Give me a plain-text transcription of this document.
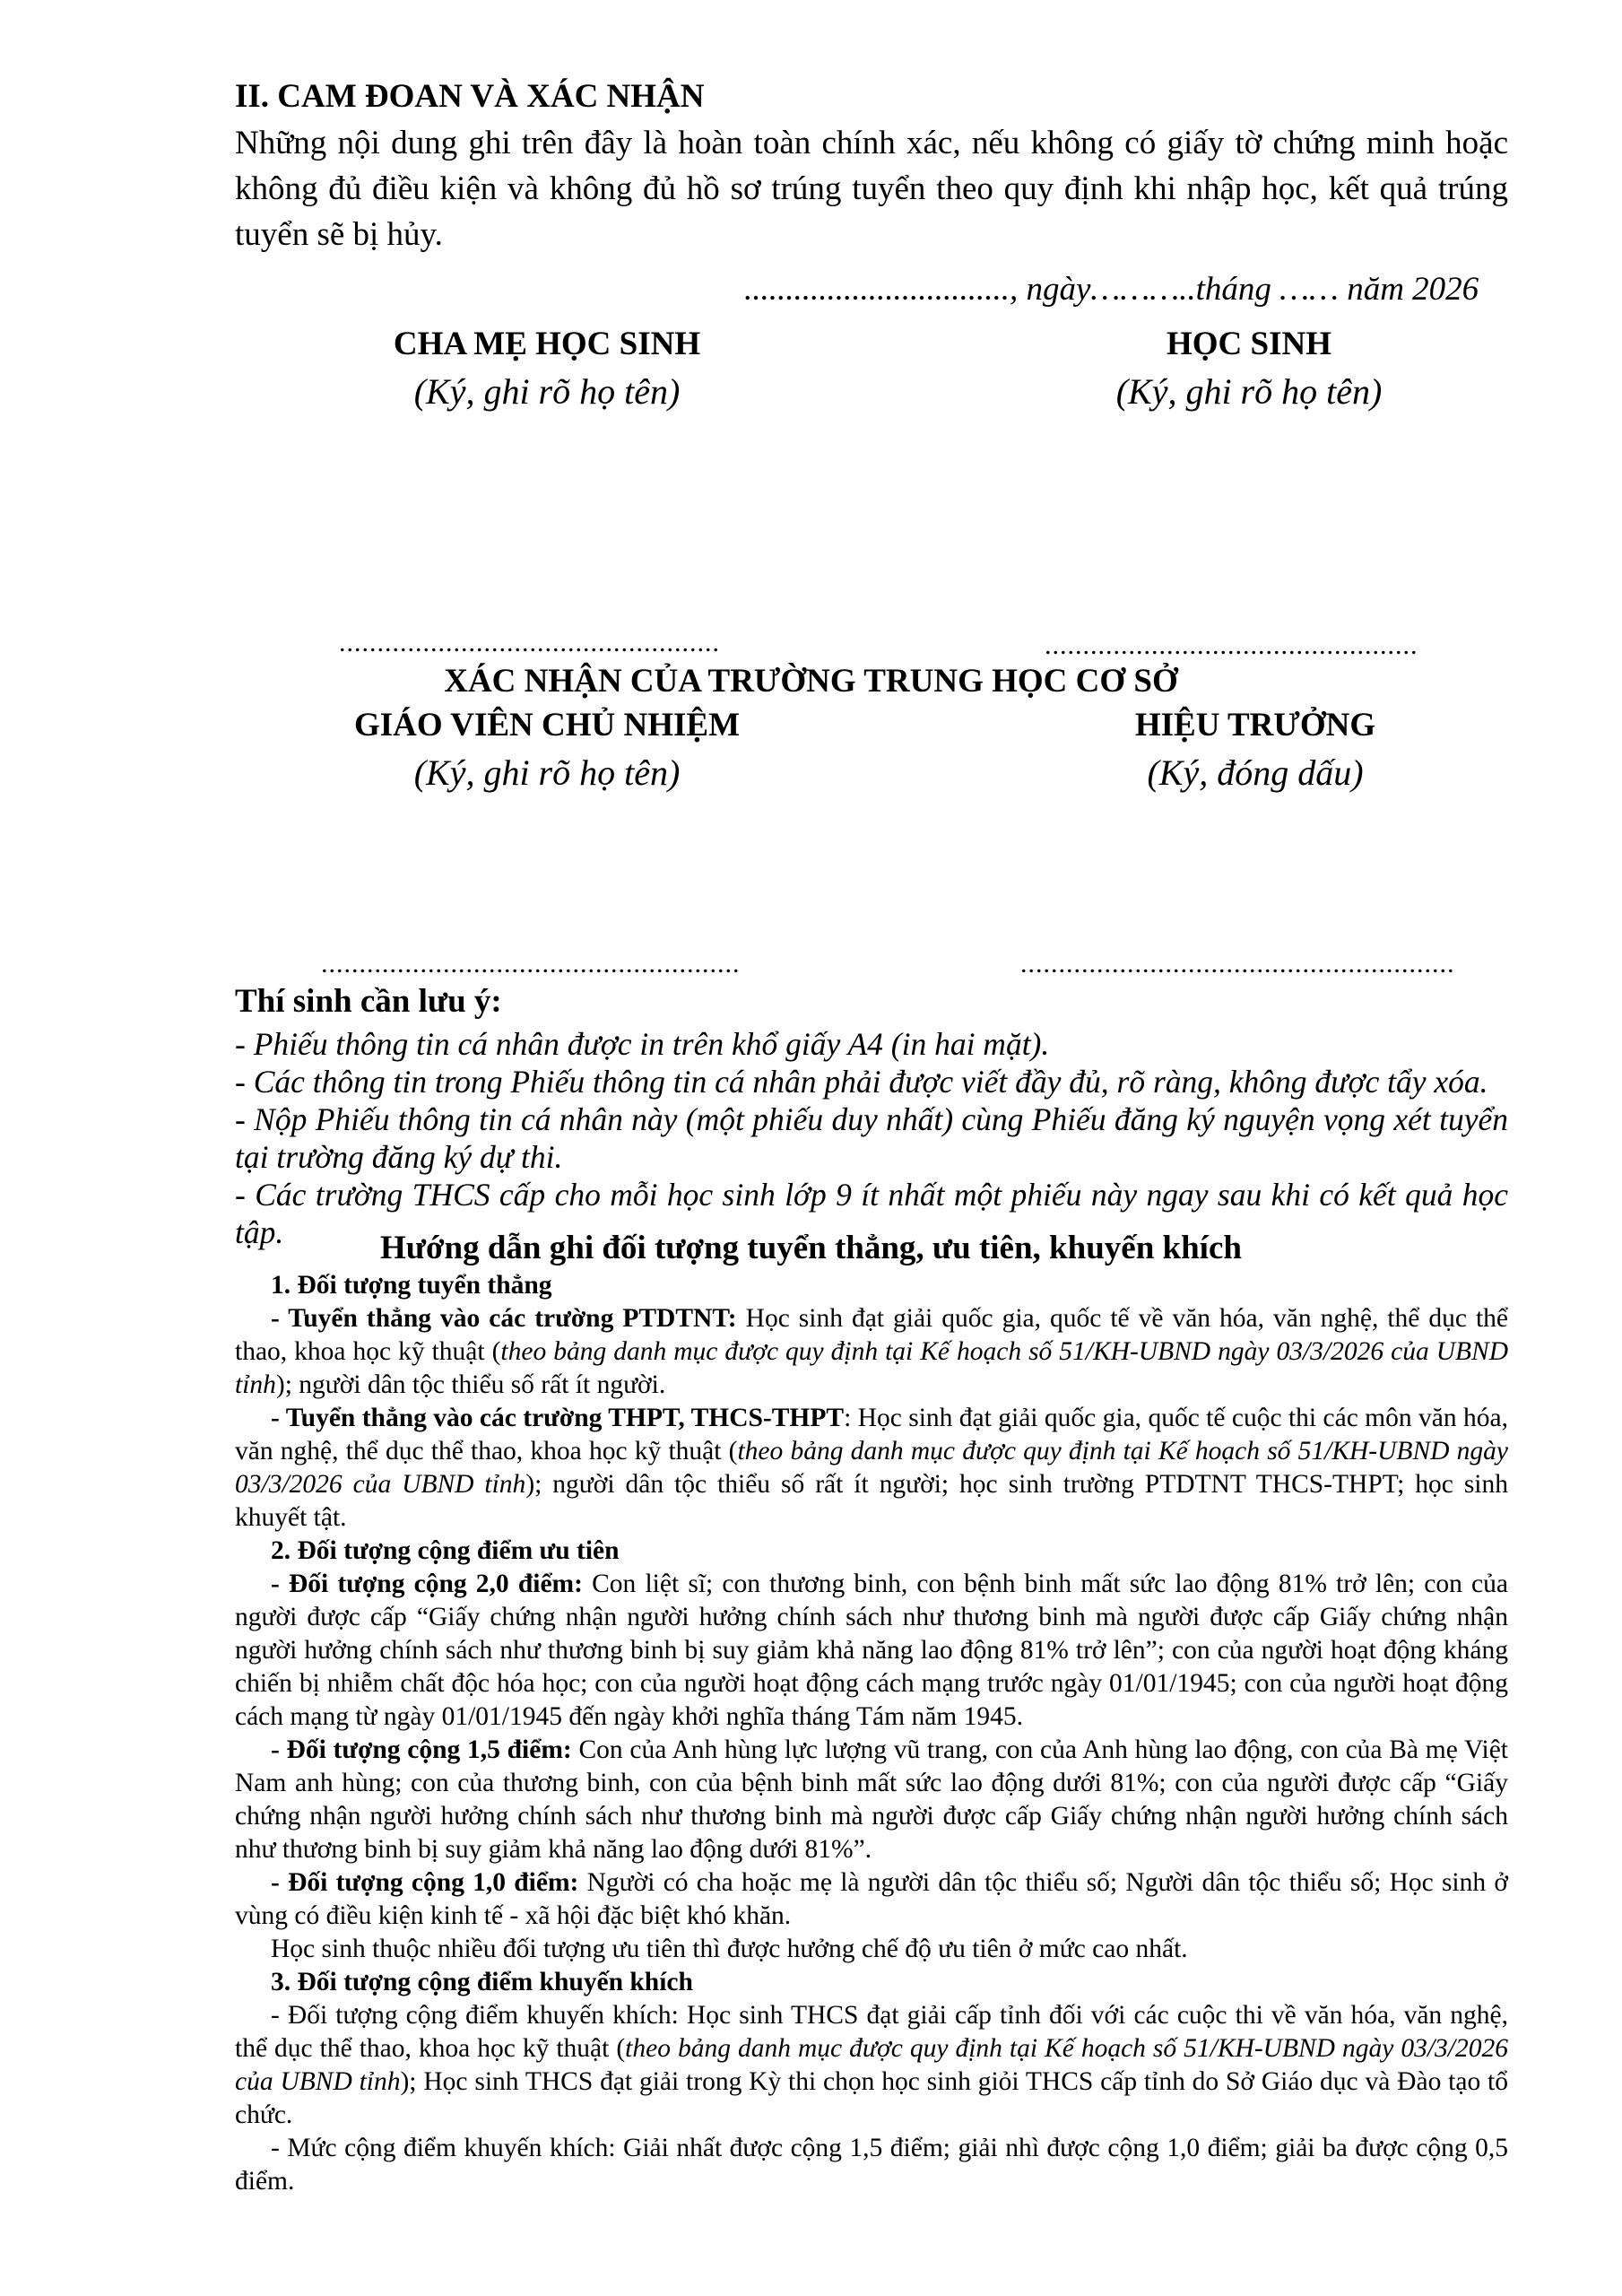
II. CAM ĐOAN VÀ XÁC NHẬN

Những nội dung ghi trên đây là hoàn toàn chính xác, nếu không có giấy tờ chứng minh hoặc không đủ điều kiện và không đủ hồ sơ trúng tuyển theo quy định khi nhập học, kết quả trúng tuyển sẽ bị hủy.

................................, ngày………..tháng …… năm 2026
CHA MẸ HỌC SINH
(Ký, ghi rõ họ tên)
HỌC SINH
(Ký, ghi rõ họ tên)
..................................................	.................................................
XÁC NHẬN CỦA TRƯỜNG TRUNG HỌC CƠ SỞ
GIÁO VIÊN CHỦ NHIỆM
(Ký, ghi rõ họ tên)
HIỆU TRƯỞNG
(Ký, đóng dấu)
.......................................................	.........................................................
Thí sinh cần lưu ý:

- Phiếu thông tin cá nhân được in trên khổ giấy A4 (in hai mặt).

- Các thông tin trong Phiếu thông tin cá nhân phải được viết đầy đủ, rõ ràng, không được tẩy xóa.

- Nộp Phiếu thông tin cá nhân này (một phiếu duy nhất) cùng Phiếu đăng ký nguyện vọng xét tuyển tại trường đăng ký dự thi.

- Các trường THCS cấp cho mỗi học sinh lớp 9 ít nhất một phiếu này ngay sau khi có kết quả học tập.	Hướng dẫn ghi đối tượng tuyển thẳng, ưu tiên, khuyến khích

1. Đối tượng tuyển thẳng

- Tuyển thẳng vào các trường PTDTNT: Học sinh đạt giải quốc gia, quốc tế về văn hóa, văn nghệ, thể dục thể thao, khoa học kỹ thuật (theo bảng danh mục được quy định tại Kế hoạch số 51/KH-UBND ngày 03/3/2026 của UBND tỉnh); người dân tộc thiểu số rất ít người.

- Tuyển thẳng vào các trường THPT, THCS-THPT: Học sinh đạt giải quốc gia, quốc tế cuộc thi các môn văn hóa, văn nghệ, thể dục thể thao, khoa học kỹ thuật (theo bảng danh mục được quy định tại Kế hoạch số 51/KH-UBND ngày 03/3/2026 của UBND tỉnh); người dân tộc thiểu số rất ít người; học sinh trường PTDTNT THCS-THPT; học sinh khuyết tật.

2. Đối tượng cộng điểm ưu tiên

- Đối tượng cộng 2,0 điểm: Con liệt sĩ; con thương binh, con bệnh binh mất sức lao động 81% trở lên; con của người được cấp “Giấy chứng nhận người hưởng chính sách như thương binh mà người được cấp Giấy chứng nhận người hưởng chính sách như thương binh bị suy giảm khả năng lao động 81% trở lên”; con của người hoạt động kháng chiến bị nhiễm chất độc hóa học; con của người hoạt động cách mạng trước ngày 01/01/1945; con của người hoạt động cách mạng từ ngày 01/01/1945 đến ngày khởi nghĩa tháng Tám năm 1945.

- Đối tượng cộng 1,5 điểm: Con của Anh hùng lực lượng vũ trang, con của Anh hùng lao động, con của Bà mẹ Việt Nam anh hùng; con của thương binh, con của bệnh binh mất sức lao động dưới 81%; con của người được cấp “Giấy chứng nhận người hưởng chính sách như thương binh mà người được cấp Giấy chứng nhận người hưởng chính sách như thương binh bị suy giảm khả năng lao động dưới 81%”.

- Đối tượng cộng 1,0 điểm: Người có cha hoặc mẹ là người dân tộc thiểu số; Người dân tộc thiểu số; Học sinh ở vùng có điều kiện kinh tế - xã hội đặc biệt khó khăn.

Học sinh thuộc nhiều đối tượng ưu tiên thì được hưởng chế độ ưu tiên ở mức cao nhất.

3. Đối tượng cộng điểm khuyến khích

- Đối tượng cộng điểm khuyến khích: Học sinh THCS đạt giải cấp tỉnh đối với các cuộc thi về văn hóa, văn nghệ, thể dục thể thao, khoa học kỹ thuật (theo bảng danh mục được quy định tại Kế hoạch số 51/KH-UBND ngày 03/3/2026 của UBND tỉnh); Học sinh THCS đạt giải trong Kỳ thi chọn học sinh giỏi THCS cấp tỉnh do Sở Giáo dục và Đào tạo tổ chức.

- Mức cộng điểm khuyến khích: Giải nhất được cộng 1,5 điểm; giải nhì được cộng 1,0 điểm; giải ba được cộng 0,5 điểm.
